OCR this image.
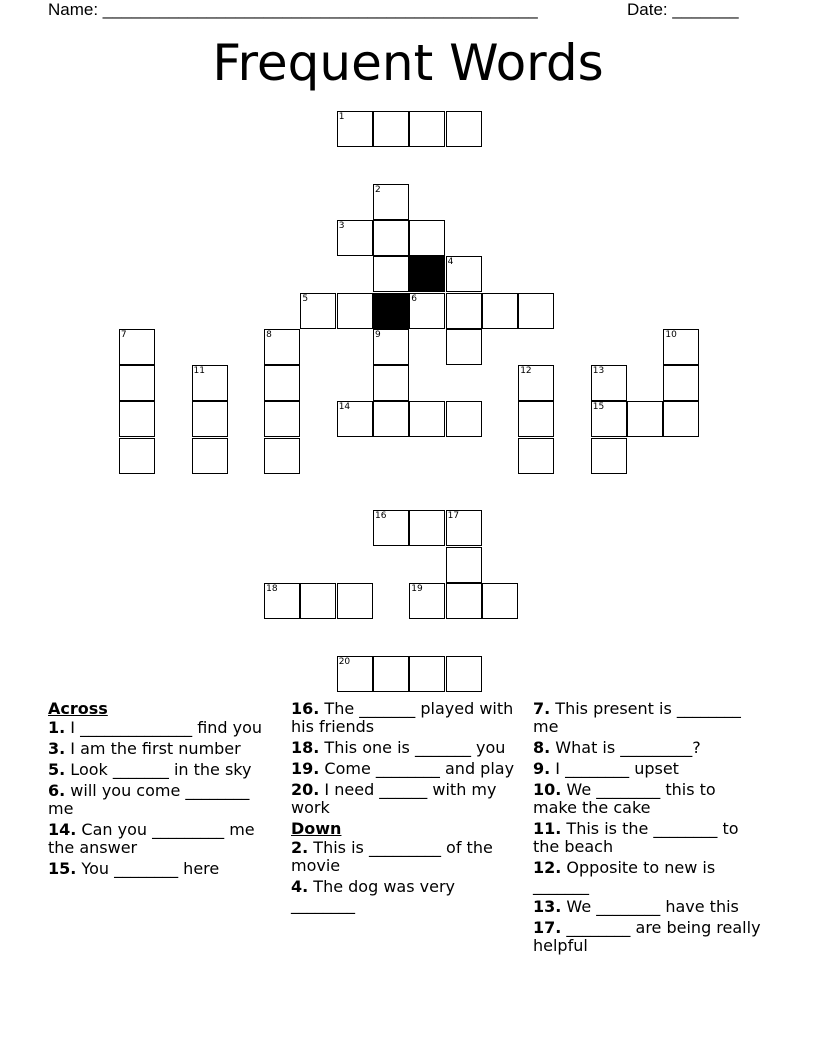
Name: ______________________________________________	Date: _______
Frequent Words
1
2
3
4
5	6
7	8	9	10
11	12	13
14	15
16	17
18	19
20
Across
1. I ______________ find you
3. I am the first number
5. Look _______ in the sky
6. will you come ________ me
14. Can you _________ me the answer
15. You ________ here
16. The _______ played with his friends
18. This one is _______ you
19. Come ________ and play
20. I need ______ with my work
Down
2. This is _________ of the movie
4. The dog was very ________
7. This present is ________ me
8. What is _________?
9. I ________ upset
10. We ________ this to make the cake
11. This is the ________ to the beach
12. Opposite to new is _______
13. We ________ have this
17. ________ are being really helpful
